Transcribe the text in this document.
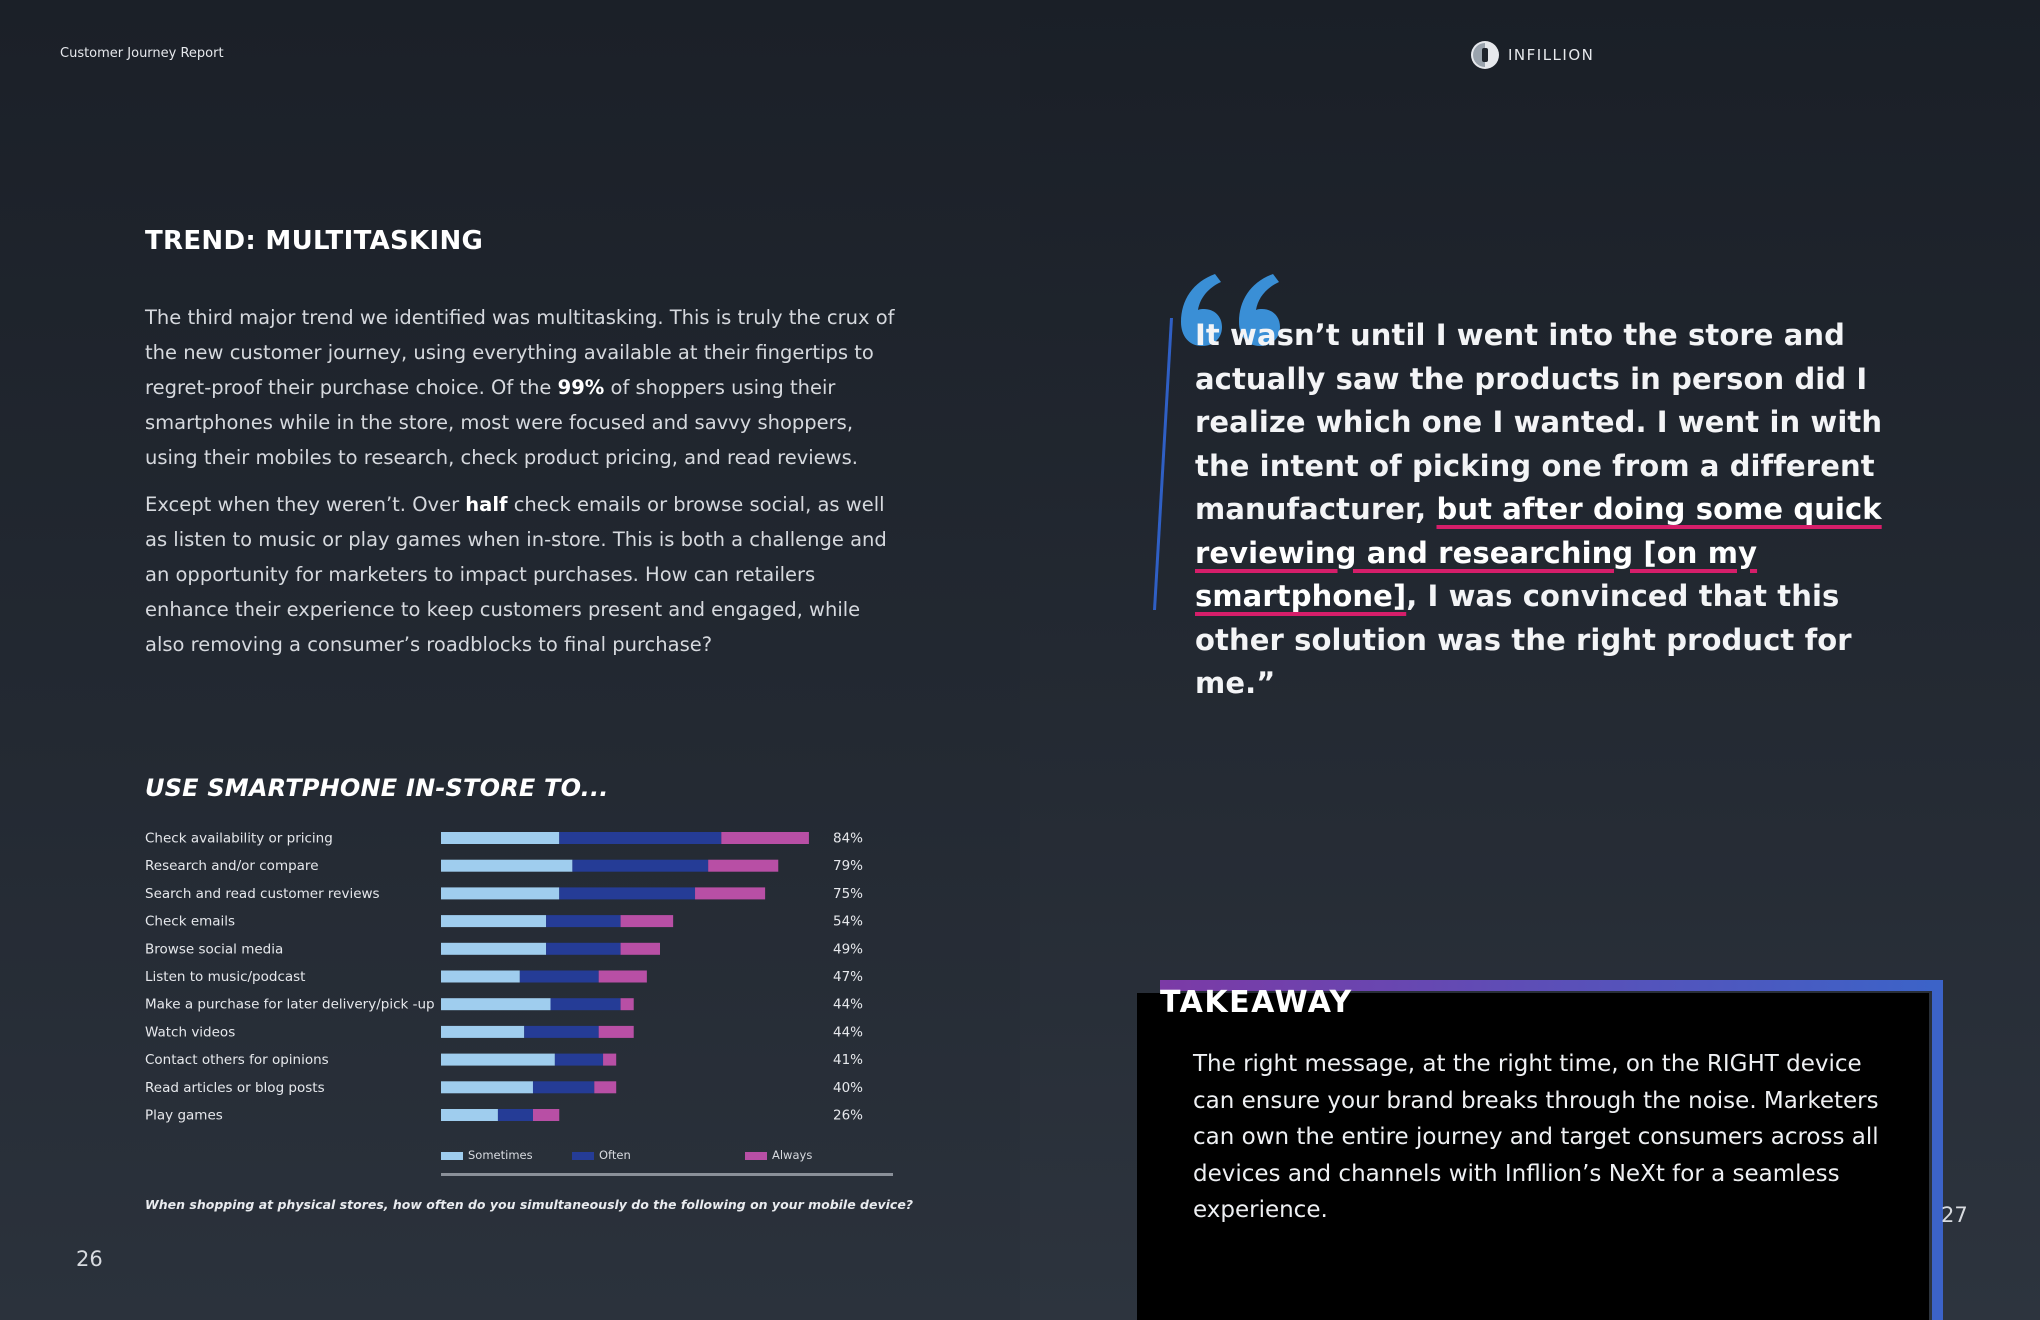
Customer Journey Report
TREND: MULTITASKING

The third major trend we identified was multitasking. This is truly the crux of the new customer journey, using everything available at their fingertips to regret-proof their purchase choice. Of the 99% of shoppers using their smartphones while in the store, most were focused and savvy shoppers, using their mobiles to research, check product pricing, and read reviews.

Except when they weren’t. Over half check emails or browse social, as well as listen to music or play games when in-store. This is both a challenge and an opportunity for marketers to impact purchases. How can retailers enhance their experience to keep customers present and engaged, while also removing a consumer’s roadblocks to final purchase?

USE SMARTPHONE IN-STORE TO...
Check availability or pricing	84%
Research and/or compare	79%
Search and read customer reviews	75%
Check emails	54%
Browse social media	49%
Listen to music/podcast	47%
Make a purchase for later delivery/pick -up	44%
Watch videos	44%
Contact others for opinions	41%
Read articles or blog posts	40%
Play games	26%
Sometimes	Often	Always
When shopping at physical stores, how often do you simultaneously do the following on your mobile device?
26
INFILLION
It wasn’t until I went into the store and actually saw the products in person did I realize which one I wanted. I went in with the intent of picking one from a different manufacturer, but after doing some quick reviewing and researching [on my smartphone], I was convinced that this other solution was the right product for me.”
TAKEAWAY
The right message, at the right time, on the RIGHT device can ensure your brand breaks through the noise. Marketers can own the entire journey and target consumers across all devices and channels with Infllion’s NeXt for a seamless experience.	27
